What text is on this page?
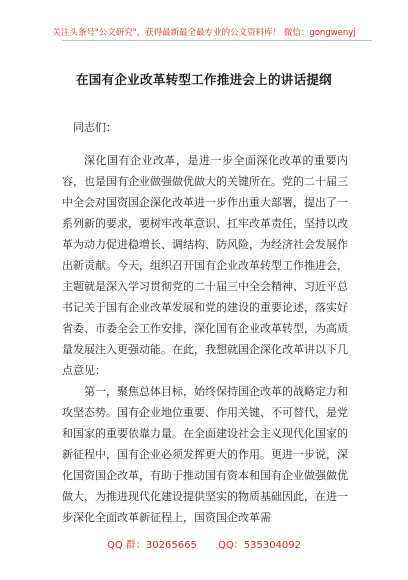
关注头条号"公文研究"，获得最新最全最专业的公文资料库！ 微信：gongwenyj
在国有企业改革转型工作推进会上的讲话提纲

同志们：

深化国有企业改革，是进一步全面深化改革的重要内容，也是国有企业做强做优做大的关键所在。党的二十届三中全会对国资国企深化改革进一步作出重大部署，提出了一系列新的要求，要树牢改革意识、扛牢改革责任，坚持以改革为动力促进稳增长、调结构、防风险，为经济社会发展作出新贡献。今天，组织召开国有企业改革转型工作推进会，主题就是深入学习贯彻党的二十届三中全会精神、习近平总书记关于国有企业改革发展和党的建设的重要论述，落实好省委、市委全会工作安排，深化国有企业改革转型，为高质量发展注入更强动能。在此，我想就国企深化改革讲以下几点意见：

第一，聚焦总体目标，始终保持国企改革的战略定力和攻坚态势。国有企业地位重要、作用关键、不可替代，是党和国家的重要依靠力量。在全面建设社会主义现代化国家的新征程中，国有企业必须发挥更大的作用。更进一步说，深化国资国企改革，有助于推动国有资本和国有企业做强做优做大，为推进现代化建设提供坚实的物质基础因此，在进一步深化全面改革新征程上，国资国企改革需

QQ 群：30265665 QQ：535304092
